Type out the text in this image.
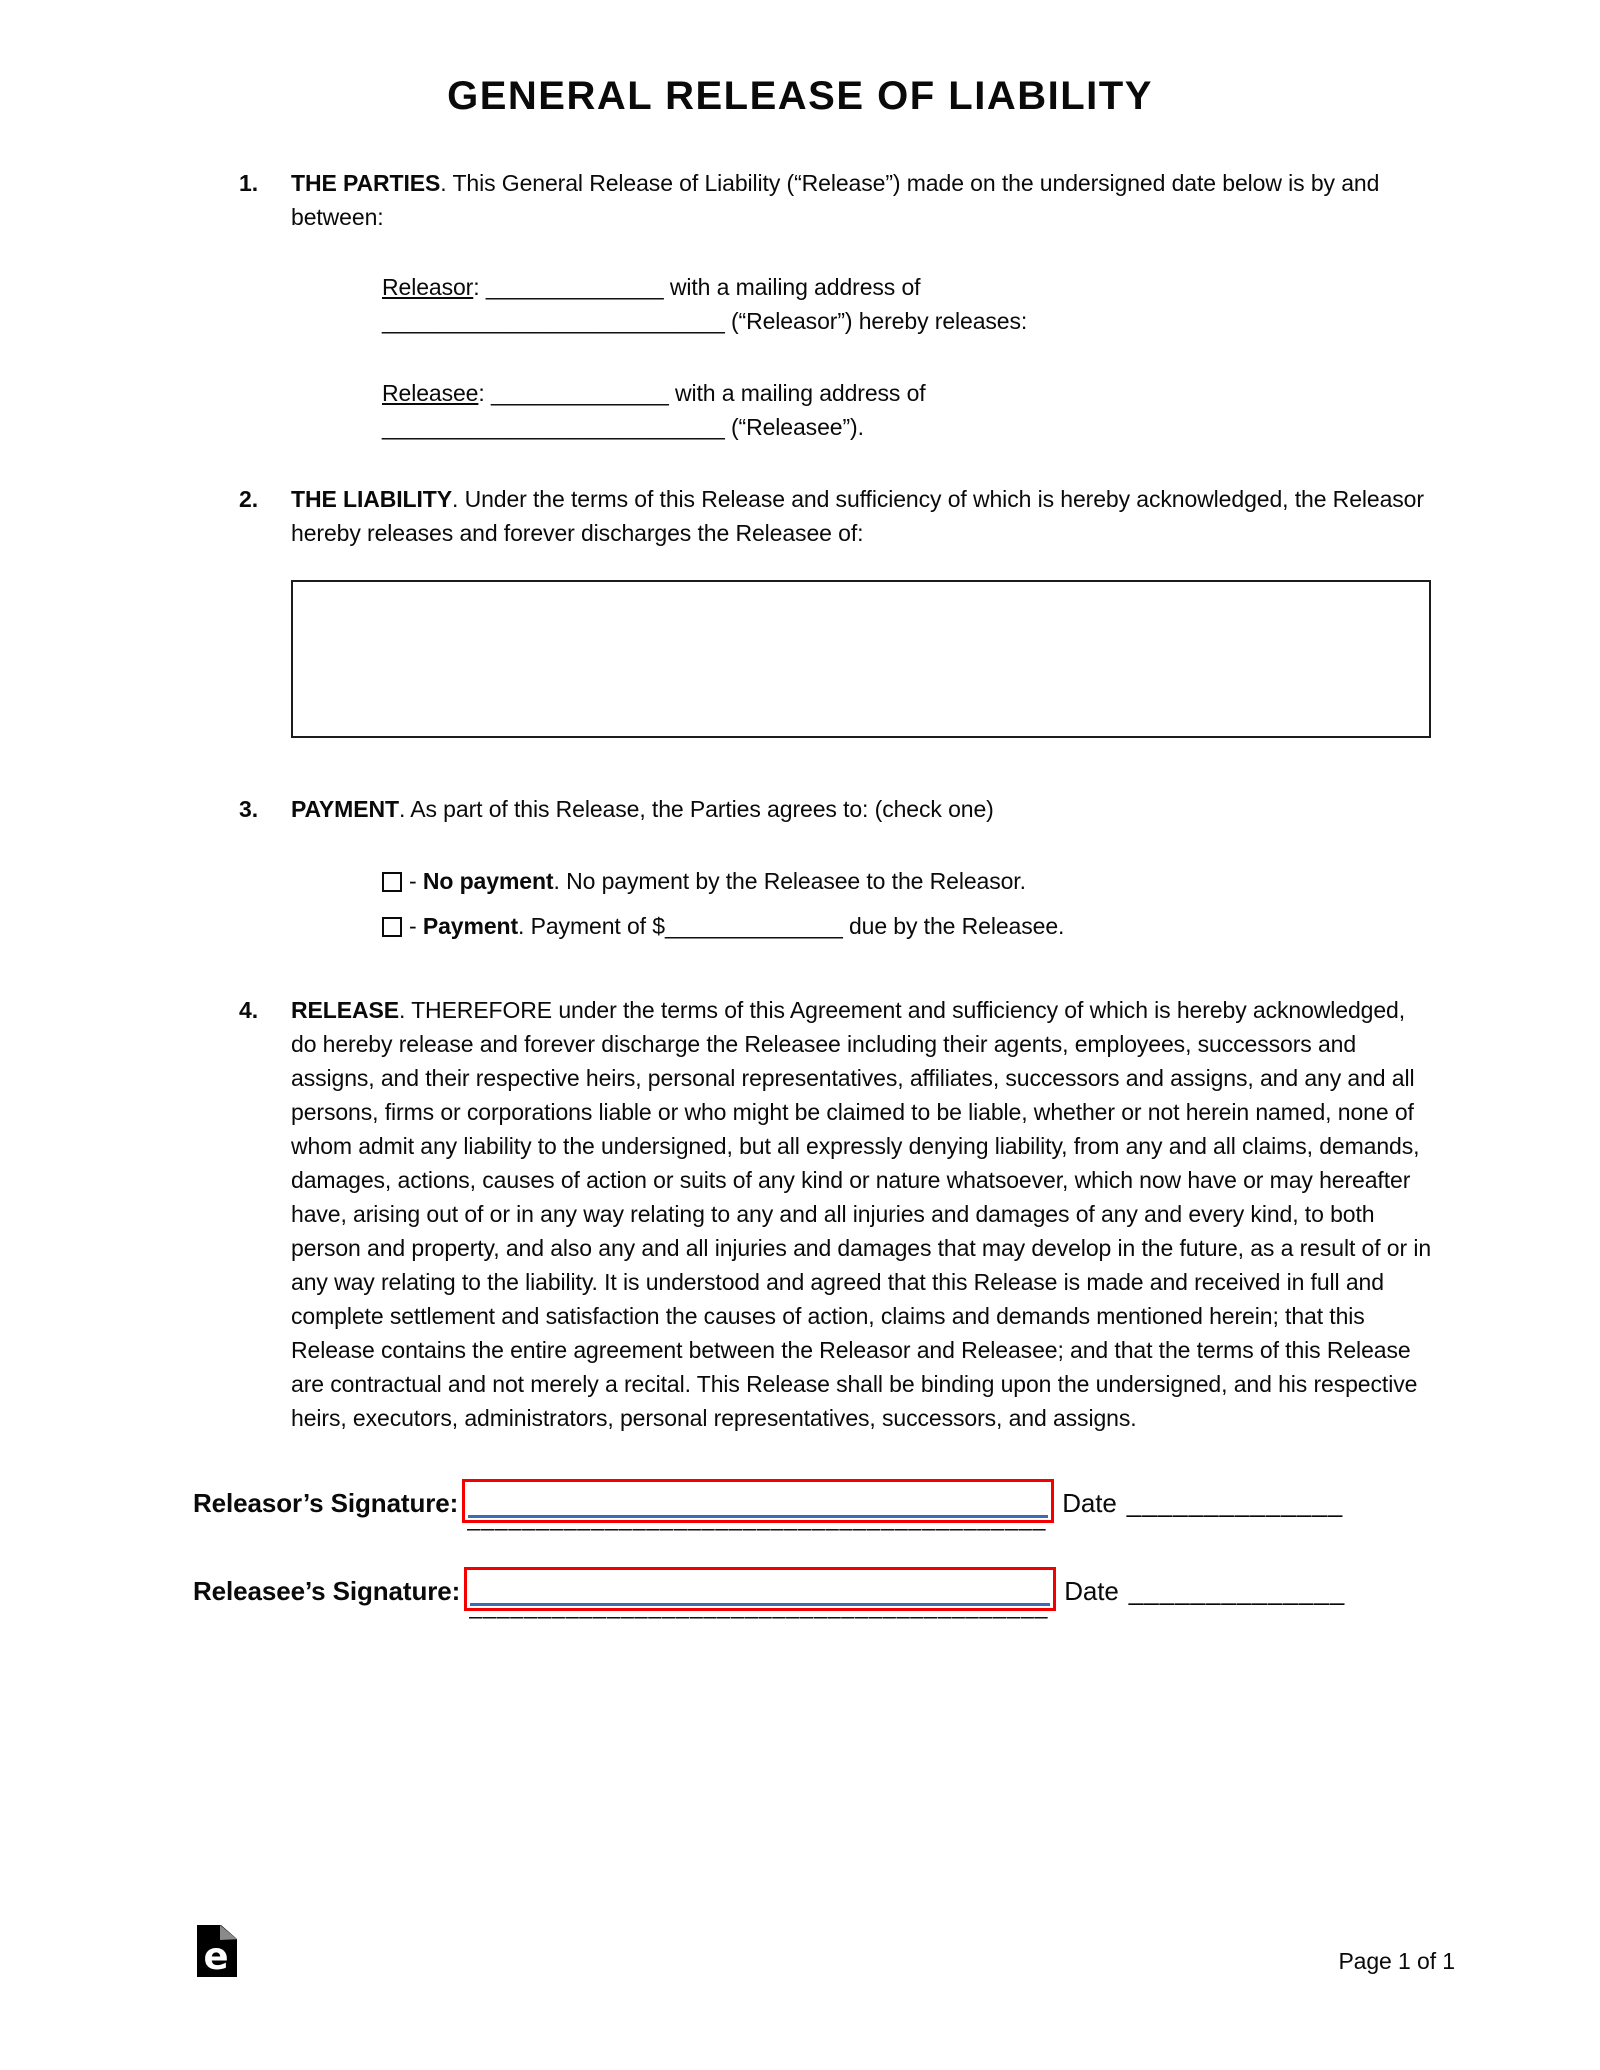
GENERAL RELEASE OF LIABILITY
1.	THE PARTIES. This General Release of Liability (“Release”) made on the undersigned date below is by and between:
Releasor: ______________ with a mailing address of ___________________________ (“Releasor”) hereby releases:
Releasee: ______________ with a mailing address of ___________________________ (“Releasee”).
2.	THE LIABILITY. Under the terms of this Release and sufficiency of which is hereby acknowledged, the Releasor hereby releases and forever discharges the Releasee of:
3.	PAYMENT. As part of this Release, the Parties agrees to: (check one)
- No payment. No payment by the Releasee to the Releasor.
- Payment. Payment of $______________ due by the Releasee.
4.	RELEASE. THEREFORE under the terms of this Agreement and sufficiency of which is hereby acknowledged, do hereby release and forever discharge the Releasee including their agents, employees, successors and assigns, and their respective heirs, personal representatives, affiliates, successors and assigns, and any and all persons, firms or corporations liable or who might be claimed to be liable, whether or not herein named, none of whom admit any liability to the undersigned, but all expressly denying liability, from any and all claims, demands, damages, actions, causes of action or suits of any kind or nature whatsoever, which now have or may hereafter have, arising out of or in any way relating to any and all injuries and damages of any and every kind, to both person and property, and also any and all injuries and damages that may develop in the future, as a result of or in any way relating to the liability. It is understood and agreed that this Release is made and received in full and complete settlement and satisfaction the causes of action, claims and demands mentioned herein; that this Release contains the entire agreement between the Releasor and Releasee; and that the terms of this Release are contractual and not merely a recital. This Release shall be binding upon the undersigned, and his respective heirs, executors, administrators, personal representatives, successors, and assigns.
Releasor’s Signature: __________________________________________ Date ______________
Releasee’s Signature: __________________________________________ Date ______________
e	Page 1 of 1
